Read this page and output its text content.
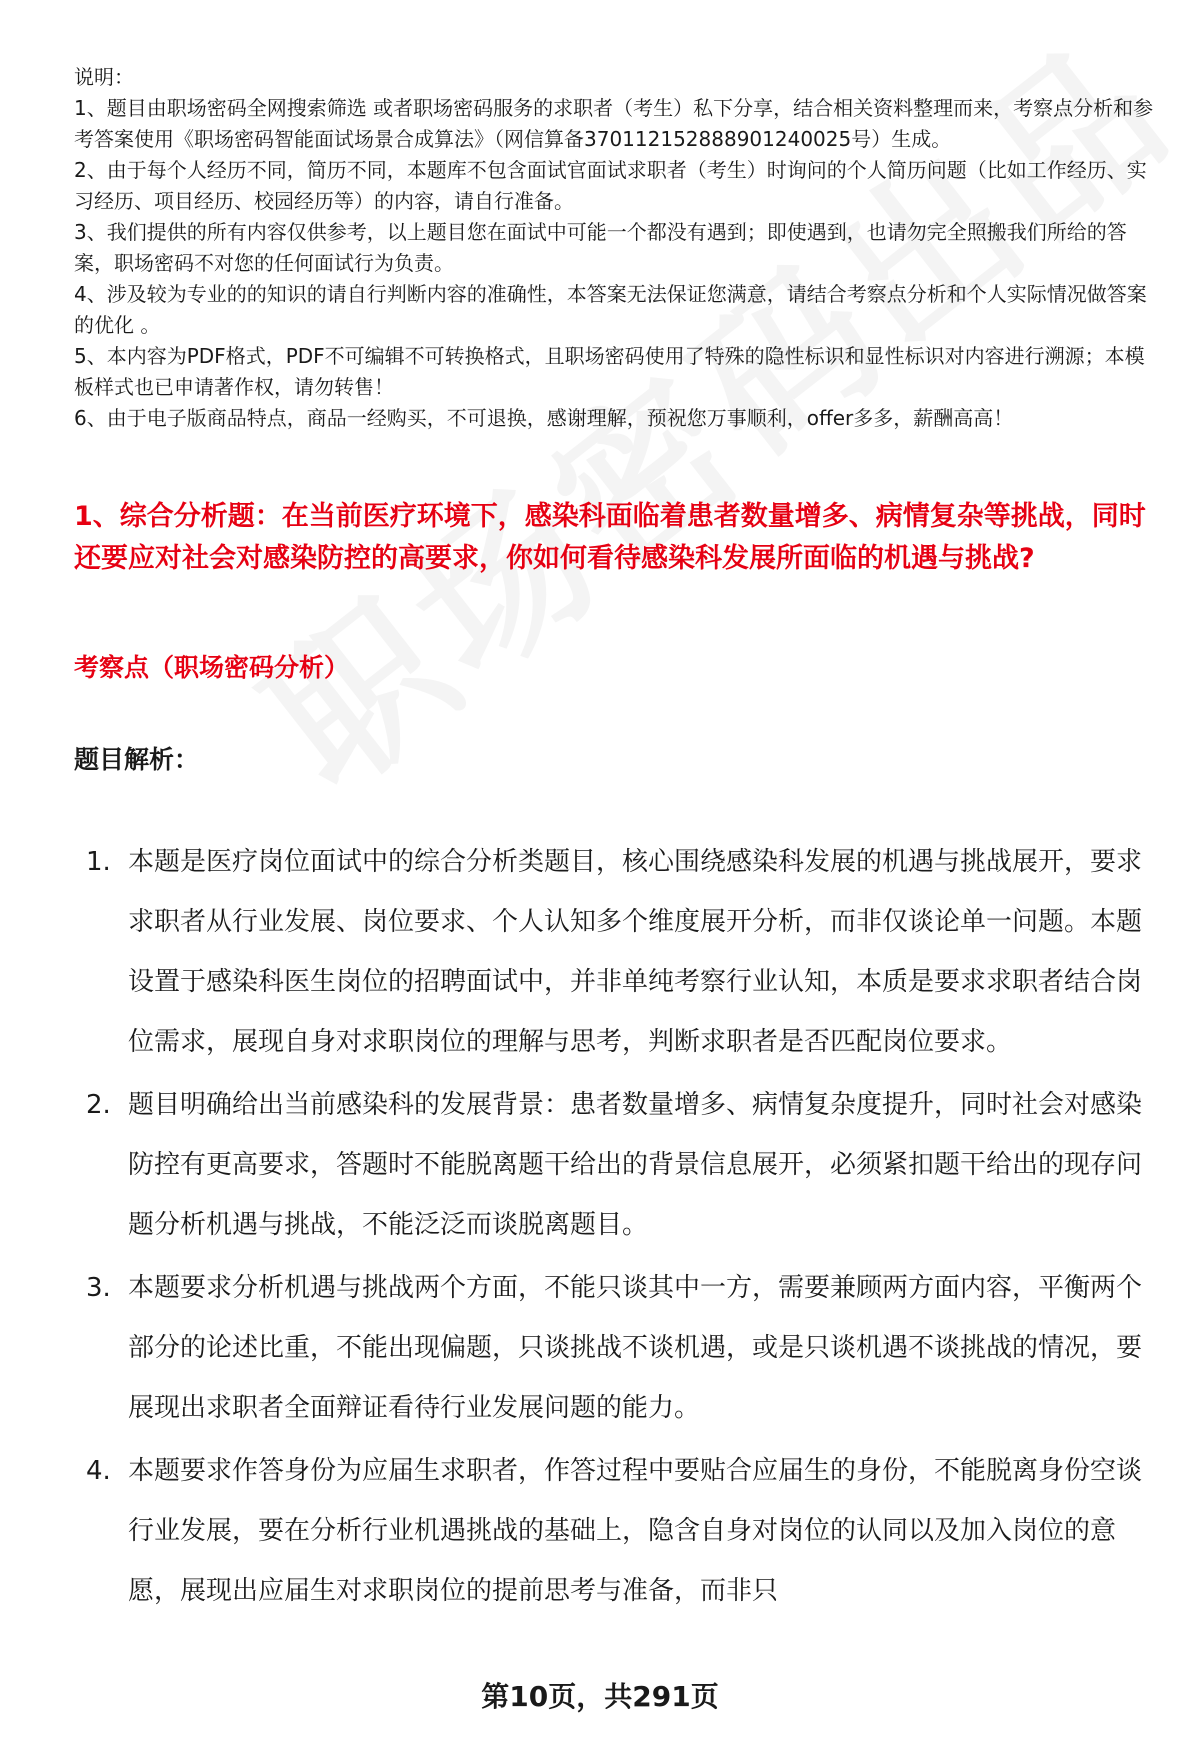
说明：

1、题目由职场密码全网搜索筛选 或者职场密码服务的求职者（考生）私下分享，结合相关资料整理而来，考察点分析和参考答案使用《职场密码智能面试场景合成算法》（网信算备370112152888901240025号）生成。

2、由于每个人经历不同，简历不同，本题库不包含面试官面试求职者（考生）时询问的个人简历问题（比如工作经历、实习经历、项目经历、校园经历等）的内容，请自行准备。

3、我们提供的所有内容仅供参考，以上题目您在面试中可能一个都没有遇到；即使遇到，也请勿完全照搬我们所给的答案，职场密码不对您的任何面试行为负责。

4、涉及较为专业的的知识的请自行判断内容的准确性，本答案无法保证您满意，请结合考察点分析和个人实际情况做答案的优化 。

5、本内容为PDF格式，PDF不可编辑不可转换格式，且职场密码使用了特殊的隐性标识和显性标识对内容进行溯源；本模板样式也已申请著作权，请勿转售！

6、由于电子版商品特点，商品一经购买，不可退换，感谢理解，预祝您万事顺利，offer多多，薪酬高高！

1、综合分析题：在当前医疗环境下，感染科面临着患者数量增多、病情复杂等挑战，同时还要应对社会对感染防控的高要求，你如何看待感染科发展所面临的机遇与挑战?

考察点（职场密码分析）

题目解析：

1. 本题是医疗岗位面试中的综合分析类题目，核心围绕感染科发展的机遇与挑战展开，要求求职者从行业发展、岗位要求、个人认知多个维度展开分析，而非仅谈论单一问题。本题设置于感染科医生岗位的招聘面试中，并非单纯考察行业认知，本质是要求求职者结合岗位需求，展现自身对求职岗位的理解与思考，判断求职者是否匹配岗位要求。
2. 题目明确给出当前感染科的发展背景：患者数量增多、病情复杂度提升，同时社会对感染防控有更高要求，答题时不能脱离题干给出的背景信息展开，必须紧扣题干给出的现存问题分析机遇与挑战，不能泛泛而谈脱离题目。
3. 本题要求分析机遇与挑战两个方面，不能只谈其中一方，需要兼顾两方面内容，平衡两个部分的论述比重，不能出现偏题，只谈挑战不谈机遇，或是只谈机遇不谈挑战的情况，要展现出求职者全面辩证看待行业发展问题的能力。
4. 本题要求作答身份为应届生求职者，作答过程中要贴合应届生的身份，不能脱离身份空谈行业发展，要在分析行业机遇挑战的基础上，隐含自身对岗位的认同以及加入岗位的意愿，展现出应届生对求职岗位的提前思考与准备，而非只
第10页，共291页
